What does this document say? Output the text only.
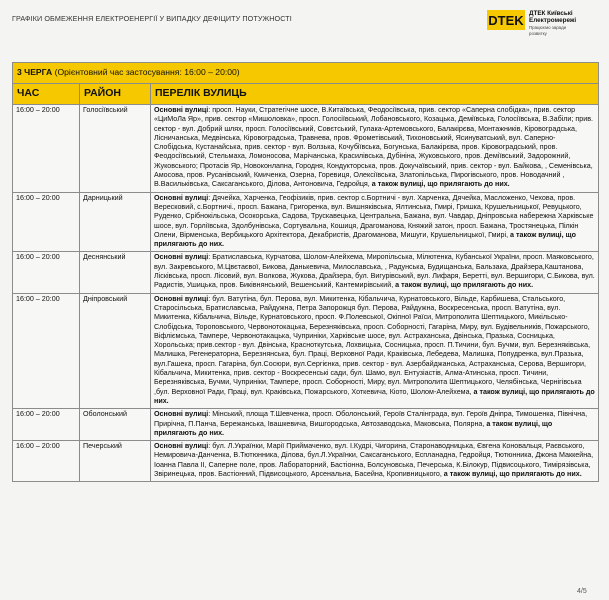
ГРАФІКИ ОБМЕЖЕННЯ ЕЛЕКТРОЕНЕРГІЇ У ВИПАДКУ ДЕФІЦИТУ ПОТУЖНОСТІ	DTEK ДТЕК Київські
Електромережі
Працюємо заради
розвитку
3 ЧЕРГА (Орієнтовний час застосування: 16:00 – 20:00)		
ЧАС	РАЙОН	ПЕРЕЛІК ВУЛИЦЬ
16:00 – 20:00	Голосіївський	Основні вулиці: просп. Науки, Стратегічне шосе, В.Китаївська, Феодосіївська, прив. сектор «Саперна слобідка», прив. сектор «ЦиМоЛа Яр», прив. сектор «Мишоловка», просп. Голосіївський, Лобановського, Козацька, Деміївська, Голосіївська, В.Забіли; прив. сектор - вул. Добрий шлях, просп. Голосіївський, Совєтський, Гулака-Артемовського, Балакірєва, Монтажників, Кіровоградська, Лісничанська, Медвінська, Кіровоградська, Травнева, пров. Фрометівський, Тихоновський, Ясинуватський, вул. Саперно-Слобідська, Кустанайська, прив. сектор - вул. Волзька, Кочубіївська, Богунська, Балакірєва, пров. Кіровоградський, пров. Феодосіївський, Стельмаха, Ломоносова, Марічанська, Красилівська, Дубініна, Жуковського, пров. Деміївський, Задорожний, Жуковського; Протасів Яр, Новоконлапна, Городня, Кондукторська, пров. Докучаївський, прив. сектор - вул. Байкова, , Семенівська, Амосова, пров. Русанівський, Кмиченка, Озерна, Горевиця, Олексіївська, Златопільська, Пирогівського, пров. Новодачний , В.Васильківська, Саксаганського, Ділова, Антоновича, Гедройця, а також вулиці, що прилягають до них.
16:00 – 20:00	Дарницький	Основні вулиці: Дячейка, Харченка, Геофізиків, прив. сектор с.Бортничі - вул. Харченка, Дячейка, Масложенко, Чехова, пров. Вересковий, с.Бортничі., просп. Бажана, Григоренка, вул. Вишняківська, Ялтинська, Гмирі, Гришка, Крушельницької, Ревуцького, Руденко, Срібнокільська, Осокорська, Садова, Трускавецька, Центральна, Бажана, вул. Чавдар, Дніпровська набережна Харківське шосе, вул. Горліївська, Здолбунівська, Сортувальна, Кошиця, Драгоманова, Княжий затон, просп. Бажана, Тростянецька, Пілкін Олени, Вірменська, Вербицького Архітектора, Декабристів, Драгоманова, Мишуги, Крушельницької, Гмирі, а також вулиці, що прилягають до них.
16:00 – 20:00	Деснянський	Основні вулиці: Братиславська, Курчатова, Шолом-Алейхема, Миропільська, Мілютенка, Кубанської України, просп. Маяковського, вул. Закревського, М.Цвєтаєвої, Бикова, Данькевича, Милославська, , Радунська, Будищанська, Бальзака, Драйзера,Каштанова, Лісківська, просп. Лісовий, вул. Волкова, Жукова, Драйзера, бул. Вигурівський, вул. Лифаря, Беретті, вул. Вершигори, С.Бикова, вул. Радистів, Ушицька, пров. Биківнянський, Вешенський, Кантемирівський, а також вулиці, що прилягають до них.
16:00 – 20:00	Дніпровський	Основні вулиці: бул. Ватутіна, бул. Перова, вул. Микитенка, Кібальчича, Курнатовського, Вільде, Карбишева, Стальського, Старосільська, Братиславська, Райдужна, Петра Запорожця бул. Перова, Райдужна, Воскресенська, просп. Ватутіна, вул. Микитенка, Кібальчича, Вільде, Курнатовського, просп. Ф.Полевської, Окіпної Раїси, Митрополита Шептицького, Микільсько-Слобідська, Тороповського, Червонотокацька, Березняківська, просп. Соборності, Гагаріна, Миру, вул. Будівельників, Пожарського, Віфліємська, Тампере, Червонотакацька, Чуприніки, Харківське шосе, вул. Астраханська, Двінська, Празька, Сосницька, Хорольська; прив.сектор - вул. Двінська, Красноткутська, Лохвицька, Сосницька, просп. П.Тичини, бул. Бучми, вул. Березняківська, Малишка, Регенераторна, Березнянська, бул. Праці, Верховної Ради, Краківська, Лебедева, Малишка, Попудренка, вул.Празька, вул.Гашека, просп. Гагаріна, бул.Сосюри, вул.Сергієнка, прив. сектор - вул. Азербайджанська, Астраханська, Серова, Вершигори, Кібальчича, Микитенка, прив. сектор - Воскресенські сади, бул. Шамо, вул. Ентузіастів, Алма-Атинська, просп. Тичини, Березняківська, Бучми, Чуприніки, Тампере, просп. Соборності, Миру, вул. Митрополита Шептицького, Челябінська, Чернігівська ,бул. Верховної Ради, Праці, вул. Краківська, Пожарського, Хоткевича, Кіото, Шолом-Алейхема, а також вулиці, що прилягають до них.
16:00 – 20:00	Оболонський	Основні вулиці: Мінський, площа Т.Шевченка, просп. Оболонський, Героїв Сталінграда, вул. Героїв Дніпра, Тимошенка, Північна, Прирічна, П.Панча, Бережанська, Івашкевича, Вишгородська, Автозаводська, Маковська, Полярна, а також вулиці, що прилягають до них.
16:00 – 20:00	Печерський	Основні вулиці: бул. Л.Українки, Марії Приймаченко, вул. І.Кудрі, Чигорина, Старонаводницька, Євгена Коновальця, Раєвського, Немировича-Данченка, В.Тютюнника, Ділова, бул.Л.Українки, Саксаганського, Еспланадна, Гедройця, Тютюнника, Джона Маккейна, Іоанна Павла ІІ, Саперне поле, пров. Лабораторний, Бастіонна, Болсуновська, Печерська, К.Білокур, Підвисоцького, Тимірязівська, Звіринецька, пров. Бастіонний, Підвисоцького, Арсенальна, Басейна, Кропивницького, а також вулиці, що прилягають до них.
4/5
